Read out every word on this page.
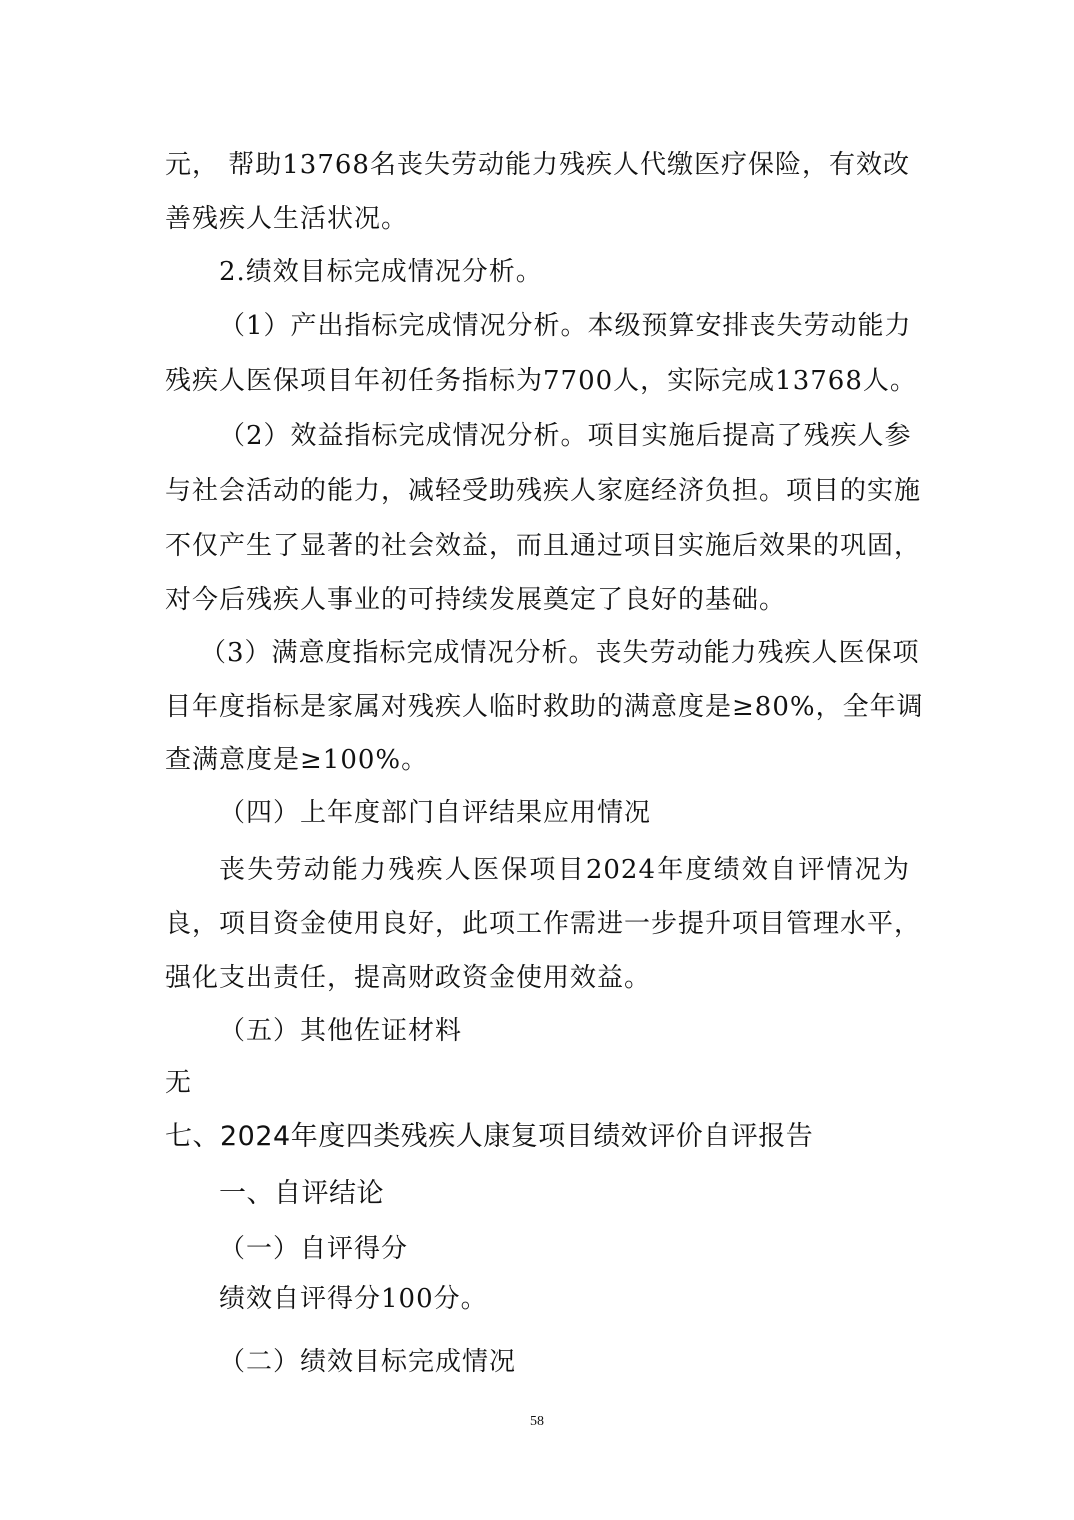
元， 帮助13768名丧失劳动能力残疾人代缴医疗保险，有效改
善残疾人生活状况。
2.绩效目标完成情况分析。
（1）产出指标完成情况分析。本级预算安排丧失劳动能力
残疾人医保项目年初任务指标为7700人，实际完成13768人。
（2）效益指标完成情况分析。项目实施后提高了残疾人参
与社会活动的能力，减轻受助残疾人家庭经济负担。项目的实施
不仅产生了显著的社会效益，而且通过项目实施后效果的巩固，
对今后残疾人事业的可持续发展奠定了良好的基础。
（3）满意度指标完成情况分析。丧失劳动能力残疾人医保项
目年度指标是家属对残疾人临时救助的满意度是≥80%，全年调
查满意度是≥100%。
（四）上年度部门自评结果应用情况
丧失劳动能力残疾人医保项目2024年度绩效自评情况为
良，项目资金使用良好，此项工作需进一步提升项目管理水平，
强化支出责任，提高财政资金使用效益。
（五）其他佐证材料
无
七、2024年度四类残疾人康复项目绩效评价自评报告
一、自评结论
（一）自评得分
绩效自评得分100分。
（二）绩效目标完成情况
58
